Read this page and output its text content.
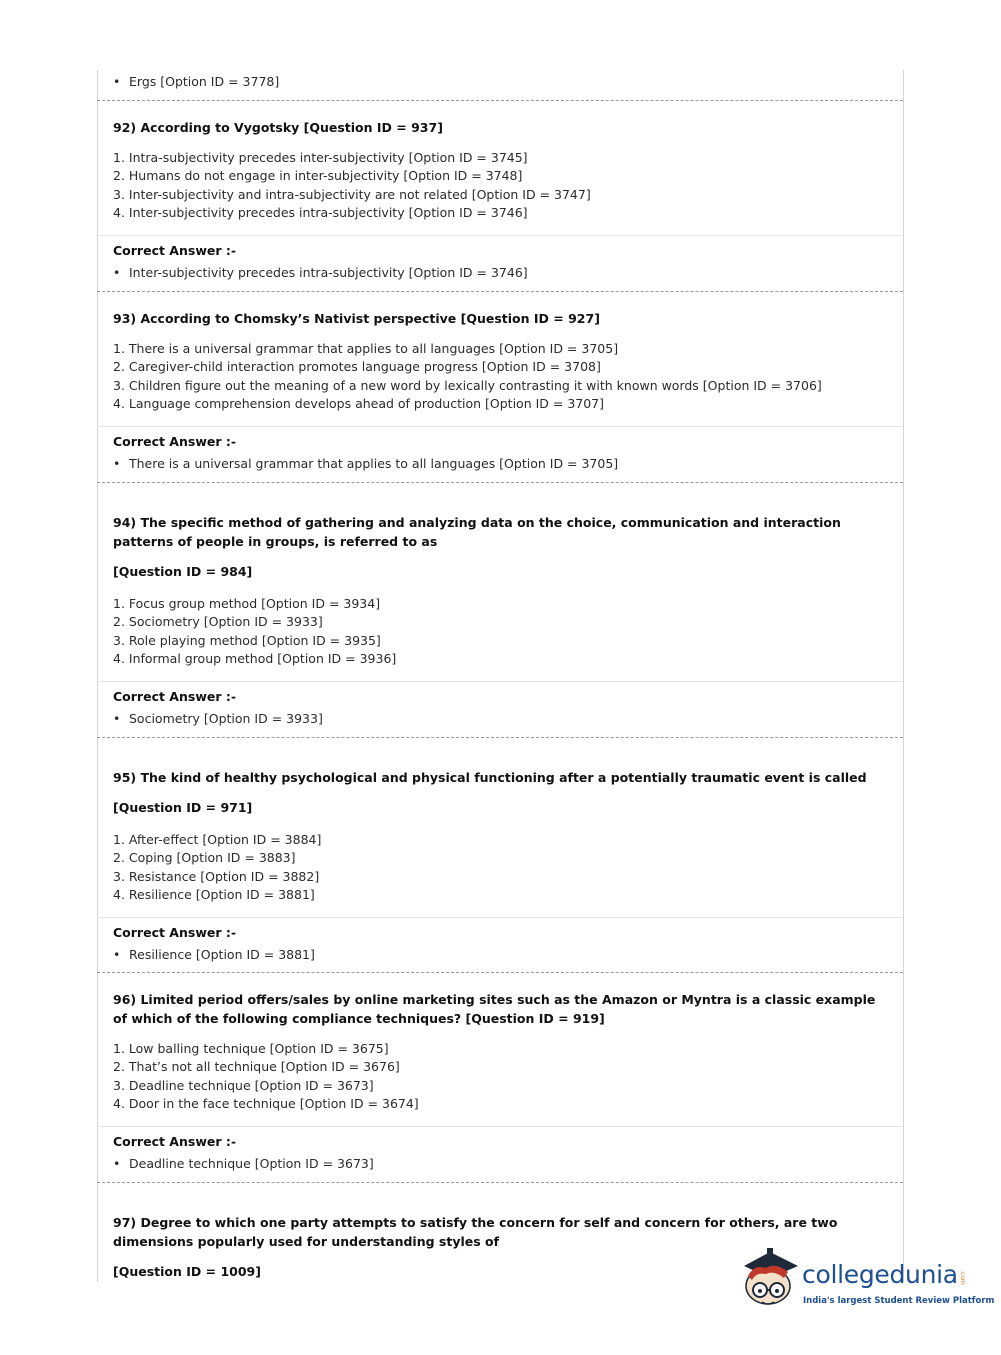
• Ergs [Option ID = 3778]
92) According to Vygotsky [Question ID = 937]
1. Intra-subjectivity precedes inter-subjectivity [Option ID = 3745]
2. Humans do not engage in inter-subjectivity [Option ID = 3748]
3. Inter-subjectivity and intra-subjectivity are not related [Option ID = 3747]
4. Inter-subjectivity precedes intra-subjectivity [Option ID = 3746]
Correct Answer :-
• Inter-subjectivity precedes intra-subjectivity [Option ID = 3746]
93) According to Chomsky’s Nativist perspective [Question ID = 927]
1. There is a universal grammar that applies to all languages [Option ID = 3705]
2. Caregiver-child interaction promotes language progress [Option ID = 3708]
3. Children figure out the meaning of a new word by lexically contrasting it with known words [Option ID = 3706]
4. Language comprehension develops ahead of production [Option ID = 3707]
Correct Answer :-
• There is a universal grammar that applies to all languages [Option ID = 3705]
94) The specific method of gathering and analyzing data on the choice, communication and interaction patterns of people in groups, is referred to as
[Question ID = 984]
1. Focus group method [Option ID = 3934]
2. Sociometry [Option ID = 3933]
3. Role playing method [Option ID = 3935]
4. Informal group method [Option ID = 3936]
Correct Answer :-
• Sociometry [Option ID = 3933]
95) The kind of healthy psychological and physical functioning after a potentially traumatic event is called
[Question ID = 971]
1. After-effect [Option ID = 3884]
2. Coping [Option ID = 3883]
3. Resistance [Option ID = 3882]
4. Resilience [Option ID = 3881]
Correct Answer :-
• Resilience [Option ID = 3881]
96) Limited period offers/sales by online marketing sites such as the Amazon or Myntra is a classic example of which of the following compliance techniques? [Question ID = 919]
1. Low balling technique [Option ID = 3675]
2. That’s not all technique [Option ID = 3676]
3. Deadline technique [Option ID = 3673]
4. Door in the face technique [Option ID = 3674]
Correct Answer :-
• Deadline technique [Option ID = 3673]
97) Degree to which one party attempts to satisfy the concern for self and concern for others, are two dimensions popularly used for understanding styles of
[Question ID = 1009]	collegedunia .com
India's largest Student Review Platform
